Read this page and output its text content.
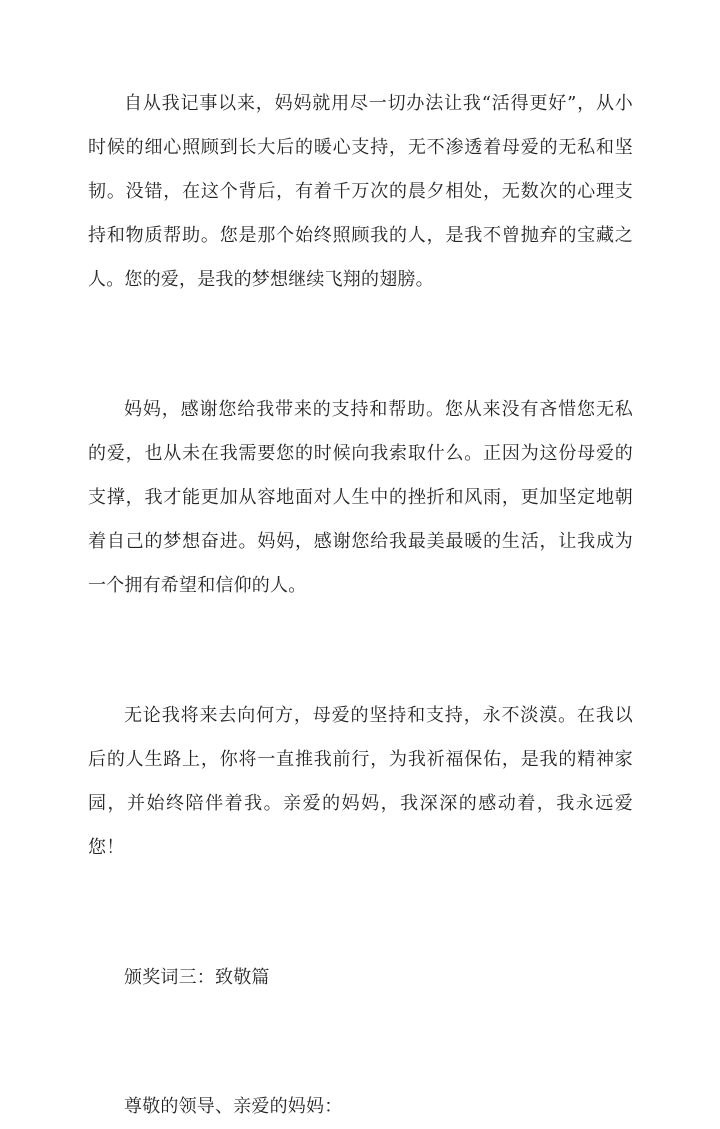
自从我记事以来，妈妈就用尽一切办法让我“活得更好”，从小时候的细心照顾到长大后的暖心支持，无不渗透着母爱的无私和坚韧。没错，在这个背后，有着千万次的晨夕相处，无数次的心理支持和物质帮助。您是那个始终照顾我的人，是我不曾抛弃的宝藏之人。您的爱，是我的梦想继续飞翔的翅膀。

妈妈，感谢您给我带来的支持和帮助。您从来没有吝惜您无私的爱，也从未在我需要您的时候向我索取什么。正因为这份母爱的支撑，我才能更加从容地面对人生中的挫折和风雨，更加坚定地朝着自己的梦想奋进。妈妈，感谢您给我最美最暖的生活，让我成为一个拥有希望和信仰的人。

无论我将来去向何方，母爱的坚持和支持，永不淡漠。在我以后的人生路上，你将一直推我前行，为我祈福保佑，是我的精神家园，并始终陪伴着我。亲爱的妈妈，我深深的感动着，我永远爱您！

颁奖词三：致敬篇

尊敬的领导、亲爱的妈妈：
